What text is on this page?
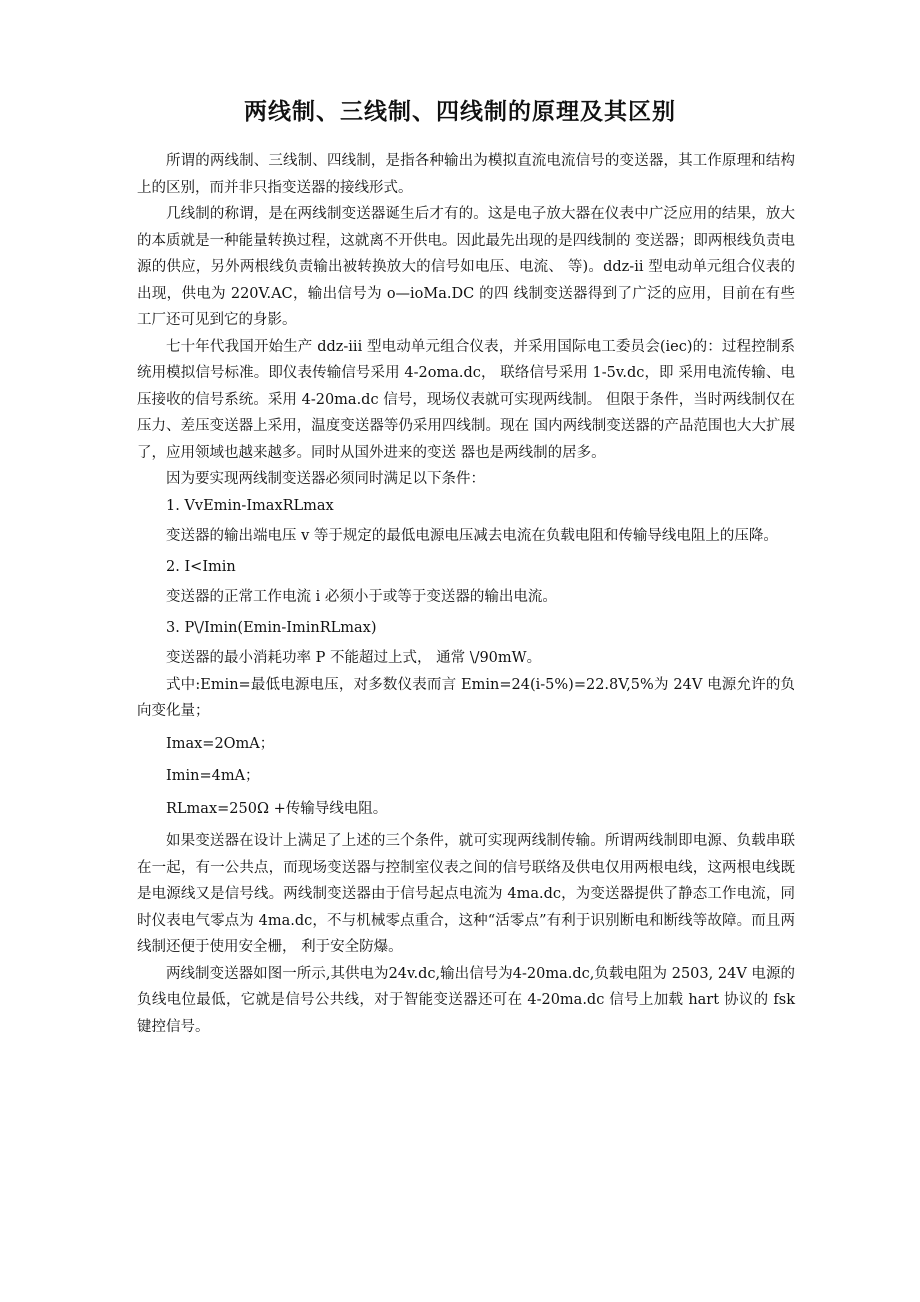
两线制、三线制、四线制的原理及其区别

所谓的两线制、三线制、四线制，是指各种输出为模拟直流电流信号的变送器，其工作原理和结构上的区别，而并非只指变送器的接线形式。

几线制的称谓，是在两线制变送器诞生后才有的。这是电子放大器在仪表中广泛应用的结果，放大的本质就是一种能量转换过程，这就离不开供电。因此最先出现的是四线制的 变送器；即两根线负责电源的供应，另外两根线负责输出被转换放大的信号如电压、电流、 等)。ddz-ii 型电动单元组合仪表的出现，供电为 220V.AC，输出信号为 o—ioMa.DC 的四 线制变送器得到了广泛的应用，目前在有些工厂还可见到它的身影。

七十年代我国开始生产 ddz-iii 型电动单元组合仪表，并采用国际电工委员会(iec)的：过程控制系统用模拟信号标准。即仪表传输信号采用 4-2oma.dc， 联络信号采用 1-5v.dc，即 采用电流传输、电压接收的信号系统。采用 4-20ma.dc 信号，现场仪表就可实现两线制。 但限于条件，当时两线制仅在压力、差压变送器上采用，温度变送器等仍采用四线制。现在 国内两线制变送器的产品范围也大大扩展了，应用领域也越来越多。同时从国外进来的变送 器也是两线制的居多。

因为要实现两线制变送器必须同时满足以下条件：

1. VvEmin-ImaxRLmax

变送器的输出端电压 v 等于规定的最低电源电压减去电流在负载电阻和传输导线电阻上的压降。

2. I<Imin

变送器的正常工作电流 i 必须小于或等于变送器的输出电流。

3. P\/Imin(Emin-IminRLmax)

变送器的最小消耗功率 P 不能超过上式， 通常 \/90mW。

式中:Emin=最低电源电压，对多数仪表而言 Emin=24(i-5%)=22.8V,5%为 24V 电源允许的负向变化量；

Imax=2OmA；

Imin=4mA；

RLmax=250Ω +传输导线电阻。

如果变送器在设计上满足了上述的三个条件，就可实现两线制传输。所谓两线制即电源、负载串联在一起，有一公共点，而现场变送器与控制室仪表之间的信号联络及供电仅用两根电线，这两根电线既是电源线又是信号线。两线制变送器由于信号起点电流为 4ma.dc，为变送器提供了静态工作电流，同时仪表电气零点为 4ma.dc，不与机械零点重合，这种“活零点”有利于识别断电和断线等故障。而且两线制还便于使用安全栅， 利于安全防爆。

两线制变送器如图一所示,其供电为24v.dc,输出信号为4-20ma.dc,负载电阻为 2503, 24V 电源的负线电位最低，它就是信号公共线，对于智能变送器还可在 4-20ma.dc 信号上加载 hart 协议的 fsk 键控信号。
